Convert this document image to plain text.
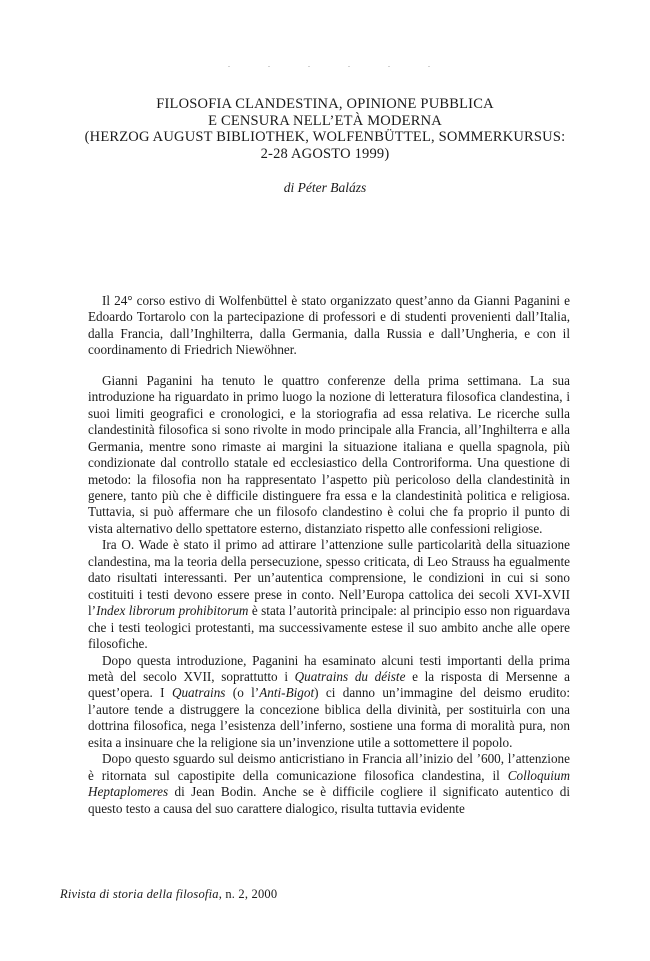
. . . . . .
FILOSOFIA CLANDESTINA, OPINIONE PUBBLICA
E CENSURA NELL’ETÀ MODERNA
(HERZOG AUGUST BIBLIOTHEK, WOLFENBÜTTEL, SOMMERKURSUS:
2-28 AGOSTO 1999)
di Péter Balázs

Il 24° corso estivo di Wolfenbüttel è stato organizzato quest’anno da Gianni Paganini e Edoardo Tortarolo con la partecipazione di professori e di studenti provenienti dall’Italia, dalla Francia, dall’Inghilterra, dalla Germania, dalla Russia e dall’Ungheria, e con il coordinamento di Friedrich Niewöhner.

Gianni Paganini ha tenuto le quattro conferenze della prima settimana. La sua introduzione ha riguardato in primo luogo la nozione di letteratura filosofica clandestina, i suoi limiti geografici e cronologici, e la storiografia ad essa relativa. Le ricerche sulla clandestinità filosofica si sono rivolte in modo principale alla Francia, all’Inghilterra e alla Germania, mentre sono rimaste ai margini la situazione italiana e quella spagnola, più condizionate dal controllo statale ed ecclesiastico della Controriforma. Una questione di metodo: la filosofia non ha rappresentato l’aspetto più pericoloso della clandestinità in genere, tanto più che è difficile distinguere fra essa e la clandestinità politica e religiosa. Tuttavia, si può affermare che un filosofo clandestino è colui che fa proprio il punto di vista alternativo dello spettatore esterno, distanziato rispetto alle confessioni religiose.

Ira O. Wade è stato il primo ad attirare l’attenzione sulle particolarità della situazione clandestina, ma la teoria della persecuzione, spesso criticata, di Leo Strauss ha egualmente dato risultati interessanti. Per un’autentica comprensione, le condizioni in cui si sono costituiti i testi devono essere prese in conto. Nell’Europa cattolica dei secoli XVI-XVII l’Index librorum prohibitorum è stata l’autorità principale: al principio esso non riguardava che i testi teologici protestanti, ma successivamente estese il suo ambito anche alle opere filosofiche.

Dopo questa introduzione, Paganini ha esaminato alcuni testi importanti della prima metà del secolo XVII, soprattutto i Quatrains du déiste e la risposta di Mersenne a quest’opera. I Quatrains (o l’Anti-Bigot) ci danno un’immagine del deismo erudito: l’autore tende a distruggere la concezione biblica della divinità, per sostituirla con una dottrina filosofica, nega l’esistenza dell’inferno, sostiene una forma di moralità pura, non esita a insinuare che la religione sia un’invenzione utile a sottomettere il popolo.

Dopo questo sguardo sul deismo anticristiano in Francia all’inizio del ’600, l’attenzione è ritornata sul capostipite della comunicazione filosofica clandestina, il Colloquium Heptaplomeres di Jean Bodin. Anche se è difficile cogliere il significato autentico di questo testo a causa del suo carattere dialogico, risulta tuttavia evidente

Rivista di storia della filosofia, n. 2, 2000
